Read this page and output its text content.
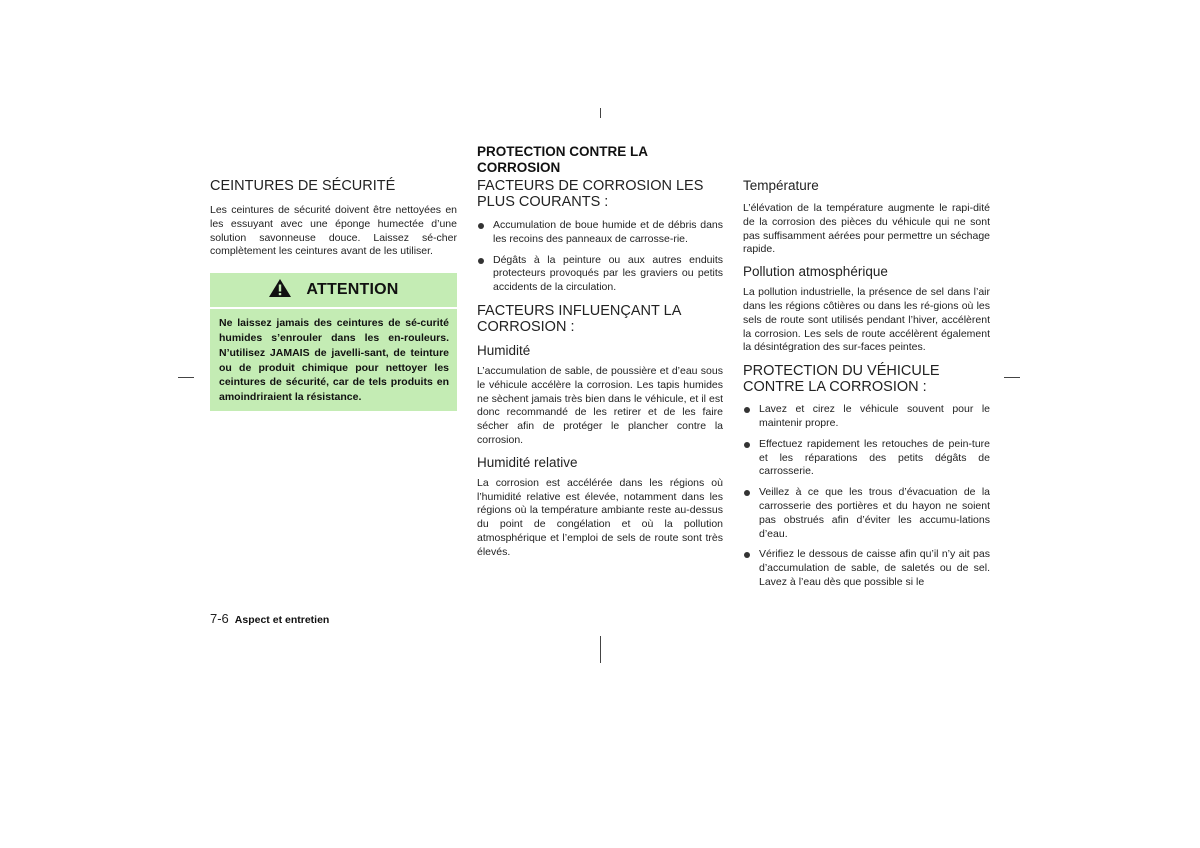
CEINTURES DE SÉCURITÉ

Les ceintures de sécurité doivent être nettoyées en les essuyant avec une éponge humectée d’une solution savonneuse douce. Laissez sé-cher complètement les ceintures avant de les utiliser.

ATTENTION
Ne laissez jamais des ceintures de sé-curité humides s’enrouler dans les en-rouleurs. N’utilisez JAMAIS de javelli-sant, de teinture ou de produit chimique pour nettoyer les ceintures de sécurité, car de tels produits en amoindriraient la résistance.
PROTECTION CONTRE LA
CORROSION
FACTEURS DE CORROSION LES
PLUS COURANTS :
Accumulation de boue humide et de débris dans les recoins des panneaux de carrosse-rie.
Dégâts à la peinture ou aux autres enduits protecteurs provoqués par les graviers ou petits accidents de la circulation.
FACTEURS INFLUENÇANT LA
CORROSION :
Humidité

L’accumulation de sable, de poussière et d’eau sous le véhicule accélère la corrosion. Les tapis humides ne sèchent jamais très bien dans le véhicule, et il est donc recommandé de les retirer et de les faire sécher afin de protéger le plancher contre la corrosion.

Humidité relative

La corrosion est accélérée dans les régions où l’humidité relative est élevée, notamment dans les régions où la température ambiante reste au-dessus du point de congélation et où la pollution atmosphérique et l’emploi de sels de route sont très élevés.

Température

L’élévation de la température augmente le rapi-dité de la corrosion des pièces du véhicule qui ne sont pas suffisamment aérées pour permettre un séchage rapide.

Pollution atmosphérique

La pollution industrielle, la présence de sel dans l’air dans les régions côtières ou dans les ré-gions où les sels de route sont utilisés pendant l’hiver, accélèrent la corrosion. Les sels de route accélèrent également la désintégration des sur-faces peintes.

PROTECTION DU VÉHICULE
CONTRE LA CORROSION :
Lavez et cirez le véhicule souvent pour le maintenir propre.
Effectuez rapidement les retouches de pein-ture et les réparations des petits dégâts de carrosserie.
Veillez à ce que les trous d’évacuation de la carrosserie des portières et du hayon ne soient pas obstrués afin d’éviter les accumu-lations d’eau.
Vérifiez le dessous de caisse afin qu’il n’y ait pas d’accumulation de sable, de saletés ou de sel. Lavez à l’eau dès que possible si le
7-6 Aspect et entretien
